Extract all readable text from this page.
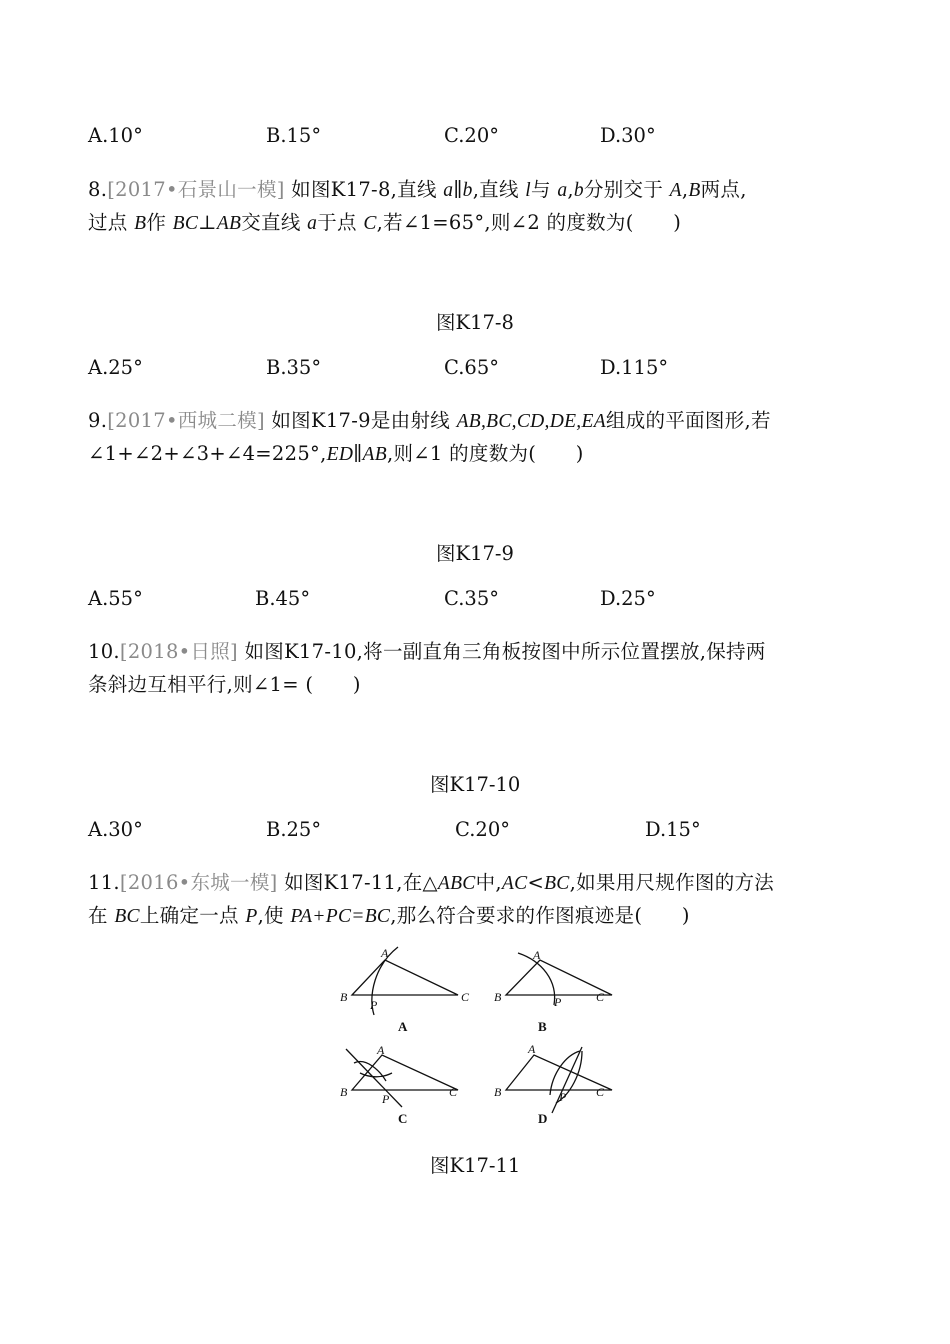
A.10°	B.15°	C.20°	D.30°
8.[2017•石景山一模] 如图K17-8,直线 a∥b,直线 l与 a,b分别交于 A,B两点,
过点 B作 BC⊥AB交直线 a于点 C,若∠1=65°,则∠2 的度数为(　　)
图K17-8
A.25°	B.35°	C.65°	D.115°
9.[2017•西城二模] 如图K17-9是由射线 AB,BC,CD,DE,EA组成的平面图形,若
∠1+∠2+∠3+∠4=225°,ED∥AB,则∠1 的度数为(　　)
图K17-9
A.55°	B.45°	C.35°	D.25°
10.[2018•日照] 如图K17-10,将一副直角三角板按图中所示位置摆放,保持两
条斜边互相平行,则∠1= (　　)
图K17-10
A.30°	B.25°	C.20°	D.15°
11.[2016•东城一模] 如图K17-11,在△ABC中,AC<BC,如果用尺规作图的方法
在 BC上确定一点 P,使 PA+PC=BC,那么符合要求的作图痕迹是(　　)
A
B	C
P
A
A
B	C
P
B
A
B	C
P
C
A
B	C
P
D
图K17-11
